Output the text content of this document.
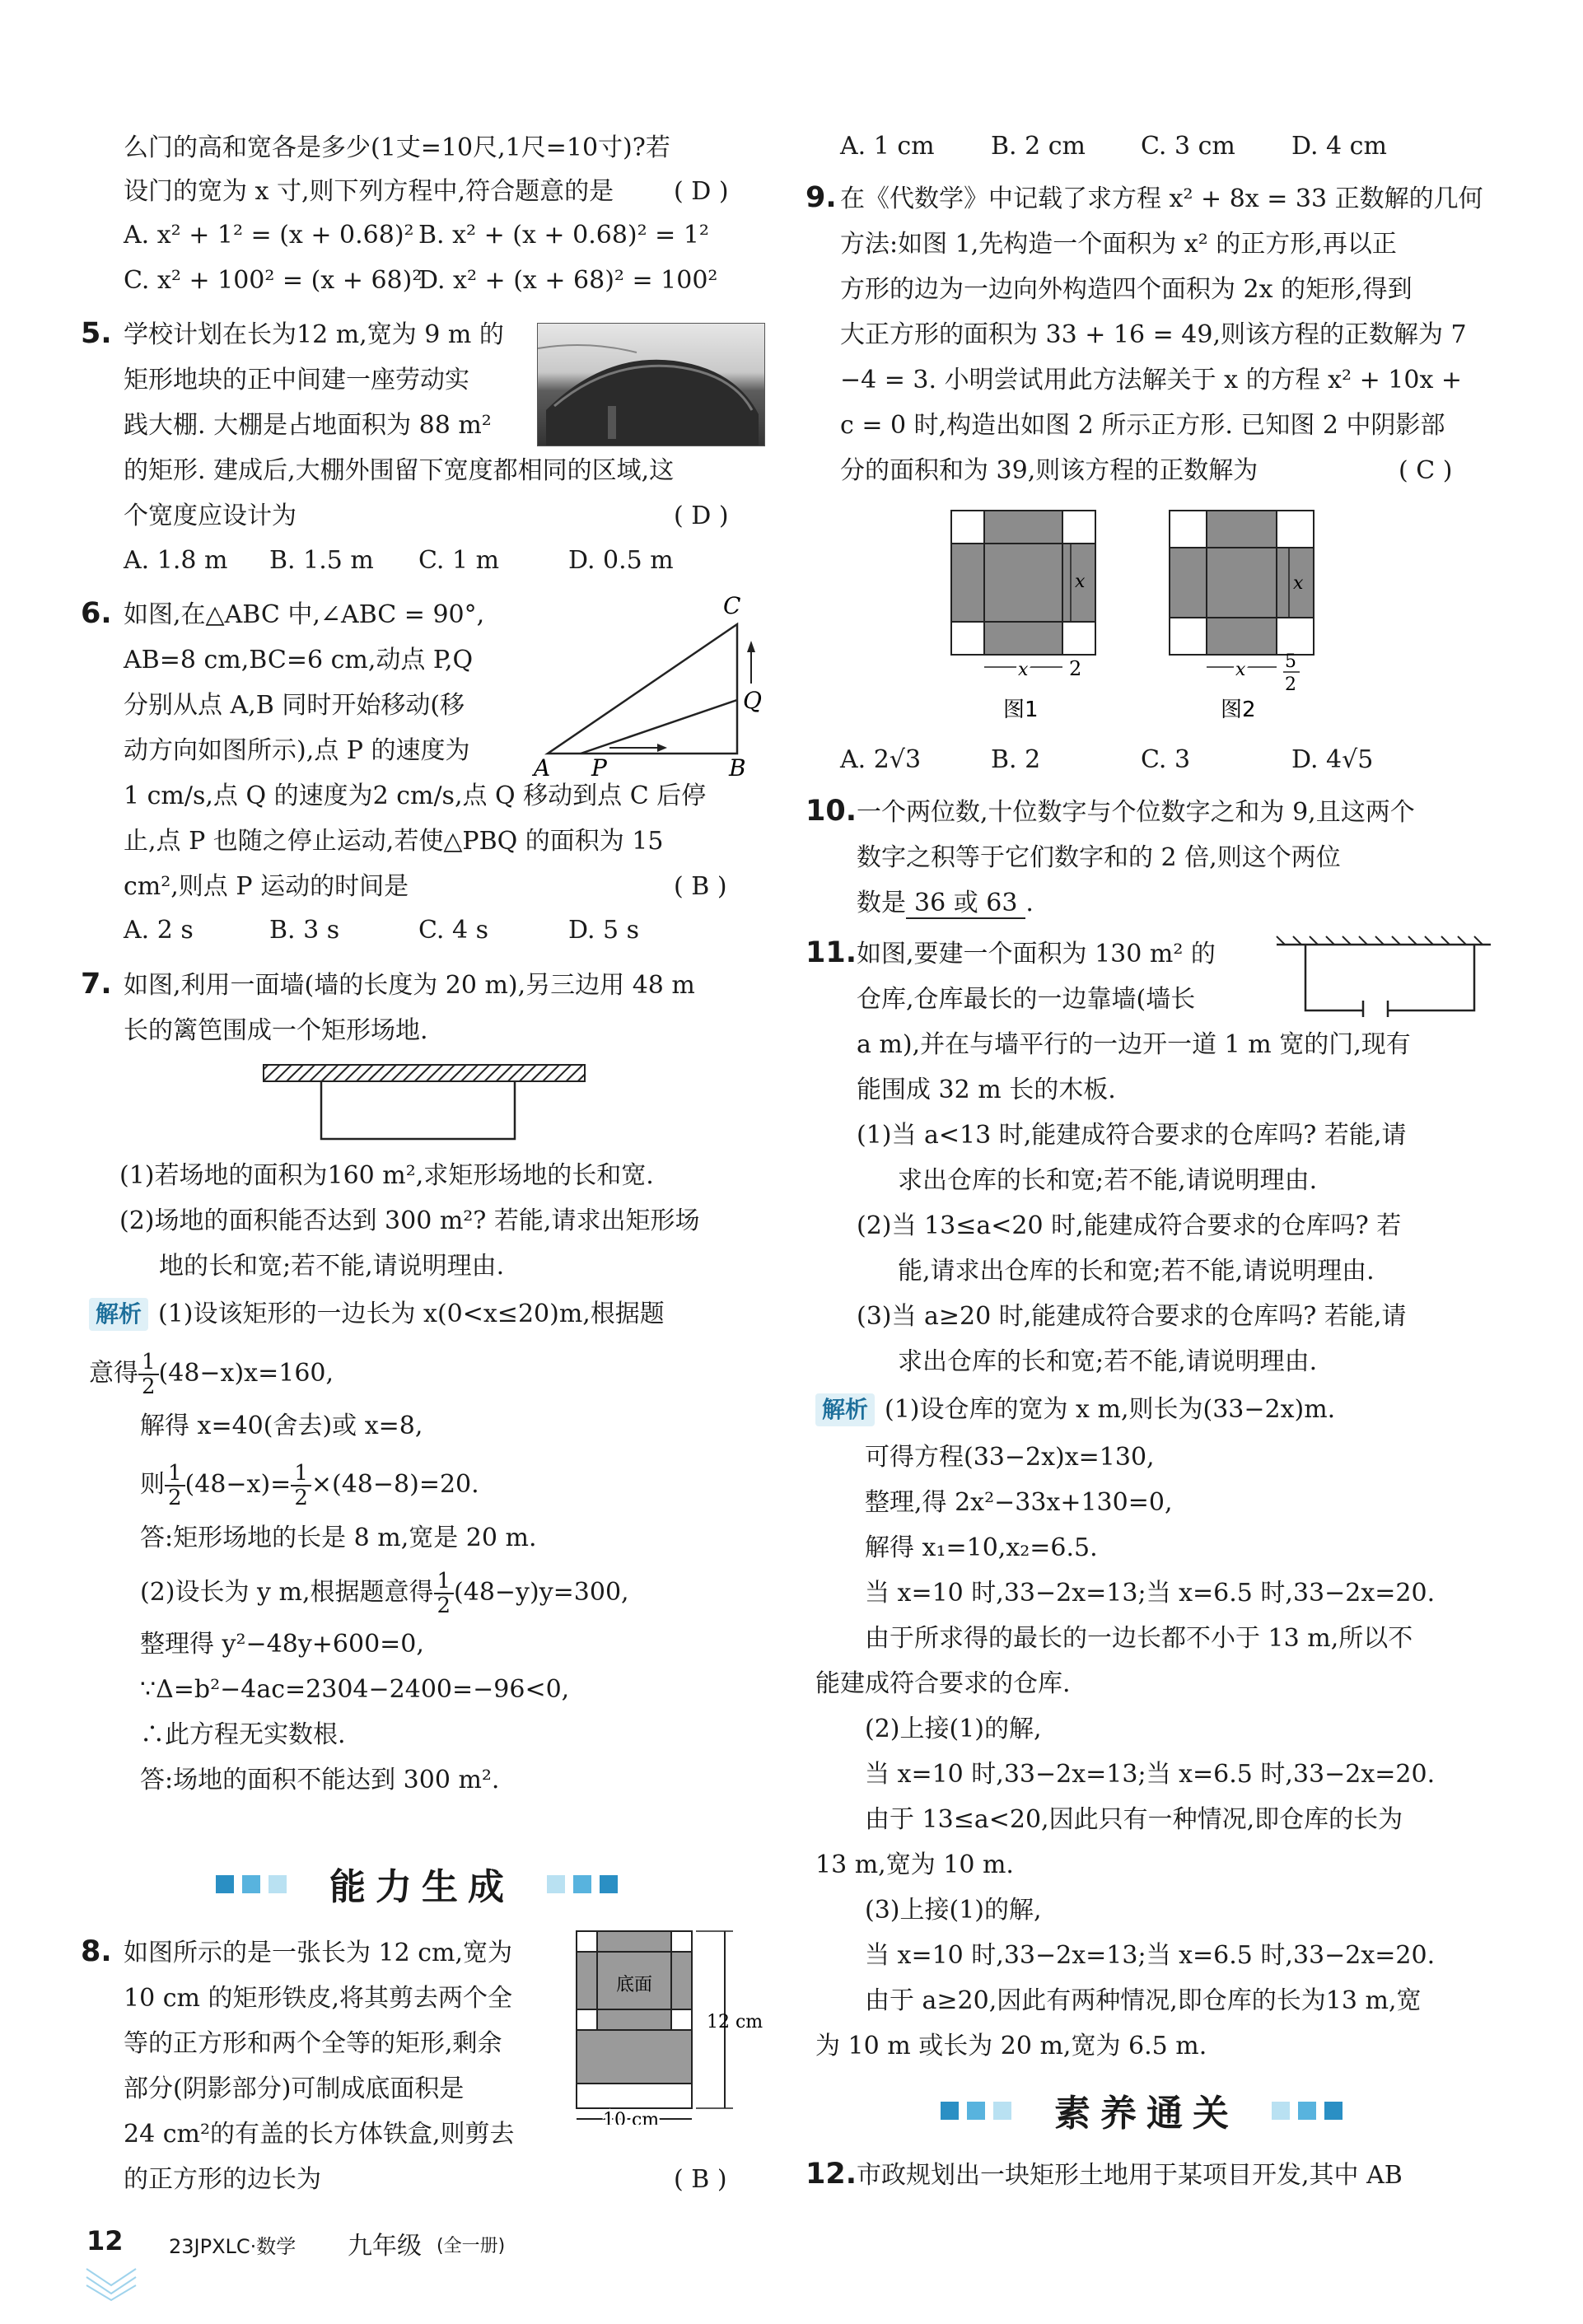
么门的高和宽各是多少(1丈=10尺,1尺=10寸)?若
设门的宽为 x 寸,则下列方程中,符合题意的是 ( D )
A. x² + 1² = (x + 0.68)² B. x² + (x + 0.68)² = 1²
C. x² + 100² = (x + 68)²
D. x² + (x + 68)² = 100²
5. 学校计划在长为12 m,宽为 9 m 的
矩形地块的正中间建一座劳动实
践大棚. 大棚是占地面积为 88 m²
的矩形. 建成后,大棚外围留下宽度都相同的区域,这
个宽度应设计为	( D )
A. 1.8 m B. 1.5 m C. 1 m	D. 0.5 m
6. 如图,在△ABC 中,∠ABC = 90°,
AB=8 cm,BC=6 cm,动点 P,Q
分别从点 A,B 同时开始移动(移
动方向如图所示),点 P 的速度为
A P	B
C
Q
1 cm/s,点 Q 的速度为2 cm/s,点 Q 移动到点 C 后停
止,点 P 也随之停止运动,若使△PBQ 的面积为 15
cm²,则点 P 运动的时间是	( B )
A. 2 s	B. 3 s	C. 4 s	D. 5 s
7. 如图,利用一面墙(墙的长度为 20 m),另三边用 48 m
长的篱笆围成一个矩形场地.
(1)若场地的面积为160 m²,求矩形场地的长和宽.
(2)场地的面积能否达到 300 m²? 若能,请求出矩形场
地的长和宽;若不能,请说明理由.
解析 (1)设该矩形的一边长为 x(0<x≤20)m,根据题
意得 $\frac{1}{2} (48-x)x=160$,
解得 x=40(舍去)或 x=8,
则 $\frac{1}{2} (48-x)= \frac{1}{2} \times(48-8)=20$.
答:矩形场地的长是 8 m,宽是 20 m.
(2)设长为 y m,根据题意得 $\frac{1}{2} (48-y)y=300$,
整理得 y²−48y+600=0,
∵Δ=b²−4ac=2304−2400=−96<0,
∴此方程无实数根.
答:场地的面积不能达到 300 m².
能力生成
8. 如图所示的是一张长为 12 cm,宽为
10 cm 的矩形铁皮,将其剪去两个全
等的正方形和两个全等的矩形,剩余
部分(阴影部分)可制成底面积是
24 cm²的有盖的长方体铁盒,则剪去
的正方形的边长为	( B )
底面
12 cm
10 cm
A. 1 cm B. 2 cm C. 3 cm D. 4 cm
9. 在《代数学》中记载了求方程 x² + 8x = 33 正数解的几何
方法:如图 1,先构造一个面积为 x² 的正方形,再以正
方形的边为一边向外构造四个面积为 2x 的矩形,得到
大正方形的面积为 33 + 16 = 49,则该方程的正数解为 7
−4 = 3. 小明尝试用此方法解关于 x 的方程 x² + 10x +
c = 0 时,构造出如图 2 所示正方形. 已知图 2 中阴影部
分的面积和为 39,则该方程的正数解为	( C )
x
x 2
图1
x
x 5
2
图2
A. 2√3	B. 2	C. 3	D. 4√5
10. 一个两位数,十位数字与个位数字之和为 9,且这两个
数字之积等于它们数字和的 2 倍,则这个两位
数是 36 或 63 .
11. 如图,要建一个面积为 130 m² 的
仓库,仓库最长的一边靠墙(墙长
a m),并在与墙平行的一边开一道 1 m 宽的门,现有
能围成 32 m 长的木板.
(1)当 a<13 时,能建成符合要求的仓库吗? 若能,请
求出仓库的长和宽;若不能,请说明理由.
(2)当 13≤a<20 时,能建成符合要求的仓库吗? 若
能,请求出仓库的长和宽;若不能,请说明理由.
(3)当 a≥20 时,能建成符合要求的仓库吗? 若能,请
求出仓库的长和宽;若不能,请说明理由.
解析 (1)设仓库的宽为 x m,则长为(33−2x)m.
可得方程(33−2x)x=130,
整理,得 2x²−33x+130=0,
解得 x₁=10,x₂=6.5.
当 x=10 时,33−2x=13;当 x=6.5 时,33−2x=20.
由于所求得的最长的一边长都不小于 13 m,所以不
能建成符合要求的仓库.
(2)上接(1)的解,
当 x=10 时,33−2x=13;当 x=6.5 时,33−2x=20.
由于 13≤a<20,因此只有一种情况,即仓库的长为
13 m,宽为 10 m.
(3)上接(1)的解,
当 x=10 时,33−2x=13;当 x=6.5 时,33−2x=20.
由于 a≥20,因此有两种情况,即仓库的长为13 m,宽
为 10 m 或长为 20 m,宽为 6.5 m.
素养通关
12. 市政规划出一块矩形土地用于某项目开发,其中 AB
12 23JPXLC·数学 九年级 (全一册)
